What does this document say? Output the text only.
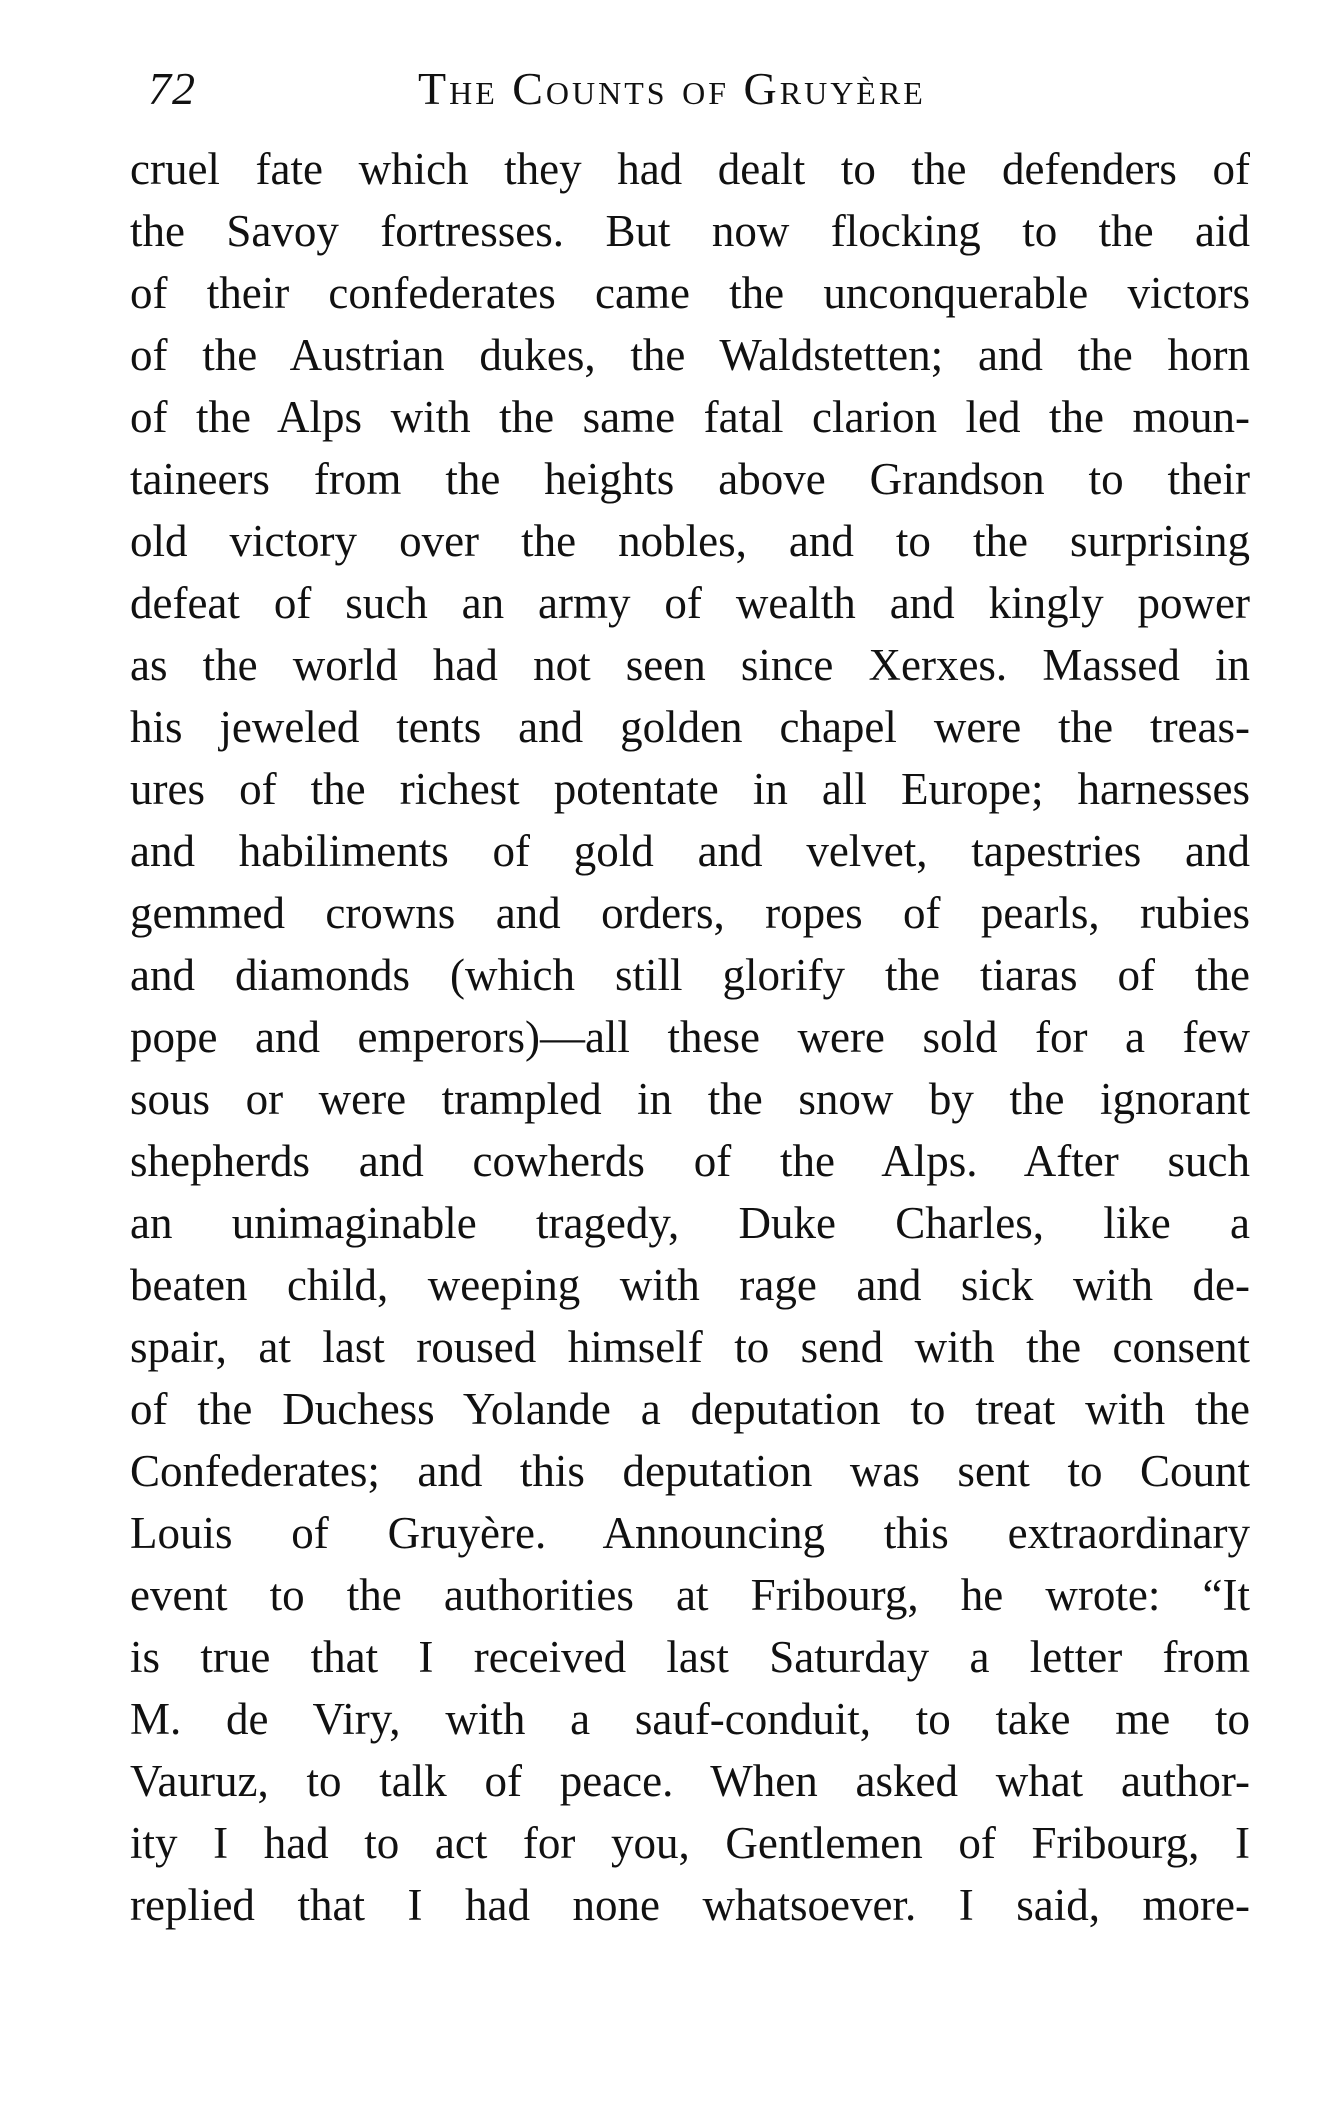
72	The Counts of Gruyère
cruel fate which they had dealt to the defenders of
the Savoy fortresses. But now flocking to the aid
of their confederates came the unconquerable victors
of the Austrian dukes, the Waldstetten; and the horn
of the Alps with the same fatal clarion led the moun-
taineers from the heights above Grandson to their
old victory over the nobles, and to the surprising
defeat of such an army of wealth and kingly power
as the world had not seen since Xerxes. Massed in
his jeweled tents and golden chapel were the treas-
ures of the richest potentate in all Europe; harnesses
and habiliments of gold and velvet, tapestries and
gemmed crowns and orders, ropes of pearls, rubies
and diamonds (which still glorify the tiaras of the
pope and emperors)—all these were sold for a few
sous or were trampled in the snow by the ignorant
shepherds and cowherds of the Alps. After such
an unimaginable tragedy, Duke Charles, like a
beaten child, weeping with rage and sick with de-
spair, at last roused himself to send with the consent
of the Duchess Yolande a deputation to treat with the
Confederates; and this deputation was sent to Count
Louis of Gruyère. Announcing this extraordinary
event to the authorities at Fribourg, he wrote: “It
is true that I received last Saturday a letter from
M. de Viry, with a sauf-conduit, to take me to
Vauruz, to talk of peace. When asked what author-
ity I had to act for you, Gentlemen of Fribourg, I
replied that I had none whatsoever. I said, more-
